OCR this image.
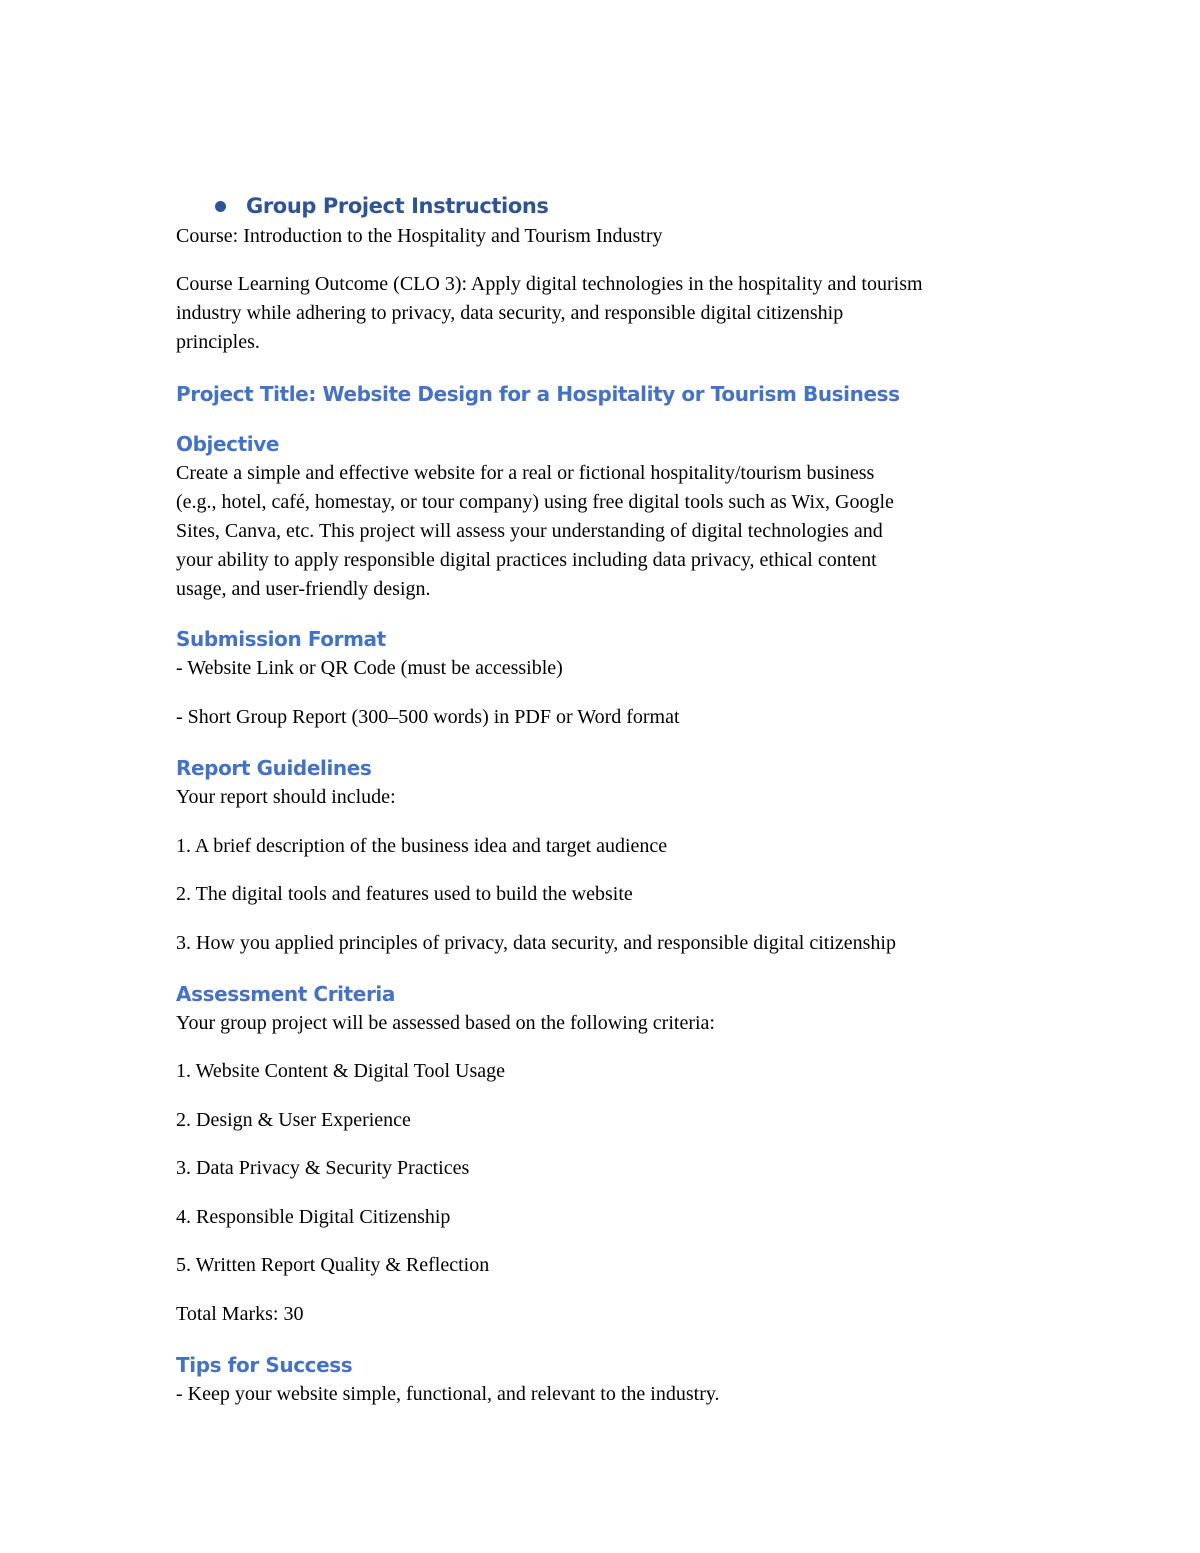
Group Project Instructions

Course: Introduction to the Hospitality and Tourism Industry

Course Learning Outcome (CLO 3): Apply digital technologies in the hospitality and tourism

industry while adhering to privacy, data security, and responsible digital citizenship

principles.

Project Title: Website Design for a Hospitality or Tourism Business

Objective

Create a simple and effective website for a real or fictional hospitality/tourism business

(e.g., hotel, café, homestay, or tour company) using free digital tools such as Wix, Google

Sites, Canva, etc. This project will assess your understanding of digital technologies and

your ability to apply responsible digital practices including data privacy, ethical content

usage, and user-friendly design.

Submission Format

- Website Link or QR Code (must be accessible)

- Short Group Report (300–500 words) in PDF or Word format

Report Guidelines

Your report should include:

1. A brief description of the business idea and target audience

2. The digital tools and features used to build the website

3. How you applied principles of privacy, data security, and responsible digital citizenship

Assessment Criteria

Your group project will be assessed based on the following criteria:

1. Website Content & Digital Tool Usage

2. Design & User Experience

3. Data Privacy & Security Practices

4. Responsible Digital Citizenship

5. Written Report Quality & Reflection

Total Marks: 30

Tips for Success

- Keep your website simple, functional, and relevant to the industry.
